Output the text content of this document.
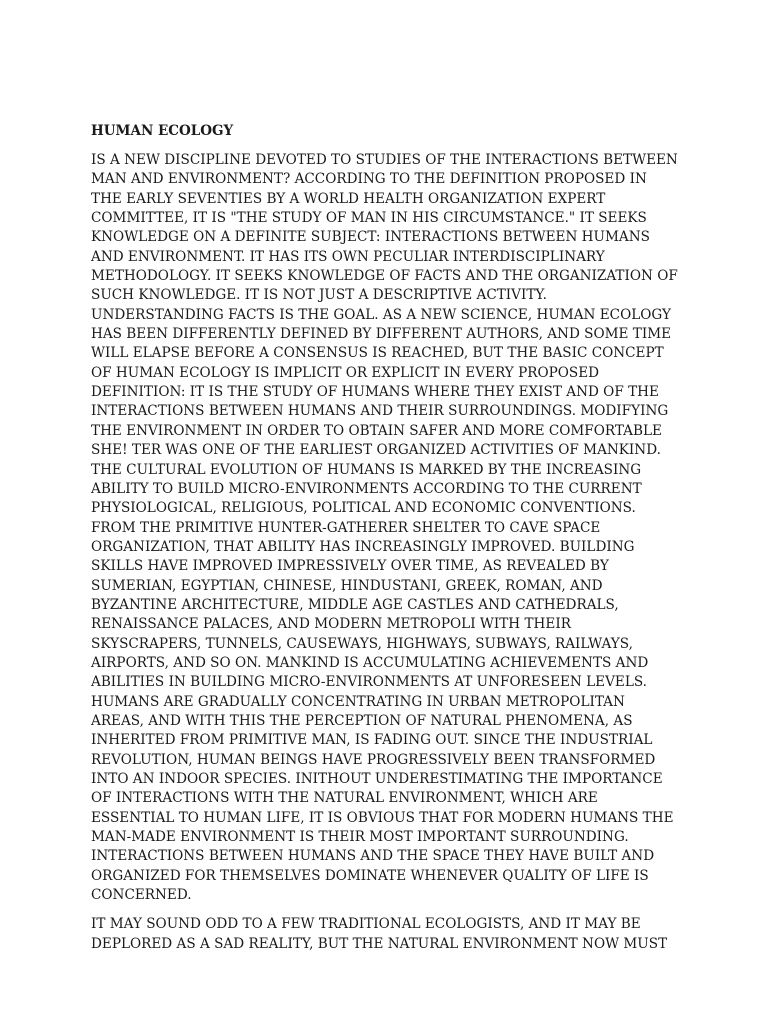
HUMAN ECOLOGY

IS A NEW DISCIPLINE DEVOTED TO STUDIES OF THE INTERACTIONS BETWEEN MAN AND ENVIRONMENT? ACCORDING TO THE DEFINITION PROPOSED IN THE EARLY SEVENTIES BY A WORLD HEALTH ORGANIZATION EXPERT COMMITTEE, IT IS "THE STUDY OF MAN IN HIS CIRCUMSTANCE." IT SEEKS KNOWLEDGE ON A DEFINITE SUBJECT: INTERACTIONS BETWEEN HUMANS AND ENVIRONMENT. IT HAS ITS OWN PECULIAR INTERDISCIPLINARY METHODOLOGY. IT SEEKS KNOWLEDGE OF FACTS AND THE ORGANIZATION OF SUCH KNOWLEDGE. IT IS NOT JUST A DESCRIPTIVE ACTIVITY. UNDERSTANDING FACTS IS THE GOAL. AS A NEW SCIENCE, HUMAN ECOLOGY HAS BEEN DIFFERENTLY DEFINED BY DIFFERENT AUTHORS, AND SOME TIME WILL ELAPSE BEFORE A CONSENSUS IS REACHED, BUT THE BASIC CONCEPT OF HUMAN ECOLOGY IS IMPLICIT OR EXPLICIT IN EVERY PROPOSED DEFINITION: IT IS THE STUDY OF HUMANS WHERE THEY EXIST AND OF THE INTERACTIONS BETWEEN HUMANS AND THEIR SURROUNDINGS. MODIFYING THE ENVIRONMENT IN ORDER TO OBTAIN SAFER AND MORE COMFORTABLE SHE! TER WAS ONE OF THE EARLIEST ORGANIZED ACTIVITIES OF MANKIND. THE CULTURAL EVOLUTION OF HUMANS IS MARKED BY THE INCREASING ABILITY TO BUILD MICRO-ENVIRONMENTS ACCORDING TO THE CURRENT PHYSIOLOGICAL, RELIGIOUS, POLITICAL AND ECONOMIC CONVENTIONS. FROM THE PRIMITIVE HUNTER-GATHERER SHELTER TO CAVE SPACE ORGANIZATION, THAT ABILITY HAS INCREASINGLY IMPROVED. BUILDING SKILLS HAVE IMPROVED IMPRESSIVELY OVER TIME, AS REVEALED BY SUMERIAN, EGYPTIAN, CHINESE, HINDUSTANI, GREEK, ROMAN, AND BYZANTINE ARCHITECTURE, MIDDLE AGE CASTLES AND CATHEDRALS, RENAISSANCE PALACES, AND MODERN METROPOLI WITH THEIR SKYSCRAPERS, TUNNELS, CAUSEWAYS, HIGHWAYS, SUBWAYS, RAILWAYS, AIRPORTS, AND SO ON. MANKIND IS ACCUMULATING ACHIEVEMENTS AND ABILITIES IN BUILDING MICRO-ENVIRONMENTS AT UNFORESEEN LEVELS. HUMANS ARE GRADUALLY CONCENTRATING IN URBAN METROPOLITAN AREAS, AND WITH THIS THE PERCEPTION OF NATURAL PHENOMENA, AS INHERITED FROM PRIMITIVE MAN, IS FADING OUT. SINCE THE INDUSTRIAL REVOLUTION, HUMAN BEINGS HAVE PROGRESSIVELY BEEN TRANSFORMED INTO AN INDOOR SPECIES. INITHOUT UNDERESTIMATING THE IMPORTANCE OF INTERACTIONS WITH THE NATURAL ENVIRONMENT, WHICH ARE ESSENTIAL TO HUMAN LIFE, IT IS OBVIOUS THAT FOR MODERN HUMANS THE MAN-MADE ENVIRONMENT IS THEIR MOST IMPORTANT SURROUNDING. INTERACTIONS BETWEEN HUMANS AND THE SPACE THEY HAVE BUILT AND ORGANIZED FOR THEMSELVES DOMINATE WHENEVER QUALITY OF LIFE IS CONCERNED.

IT MAY SOUND ODD TO A FEW TRADITIONAL ECOLOGISTS, AND IT MAY BE DEPLORED AS A SAD REALITY, BUT THE NATURAL ENVIRONMENT NOW MUST
